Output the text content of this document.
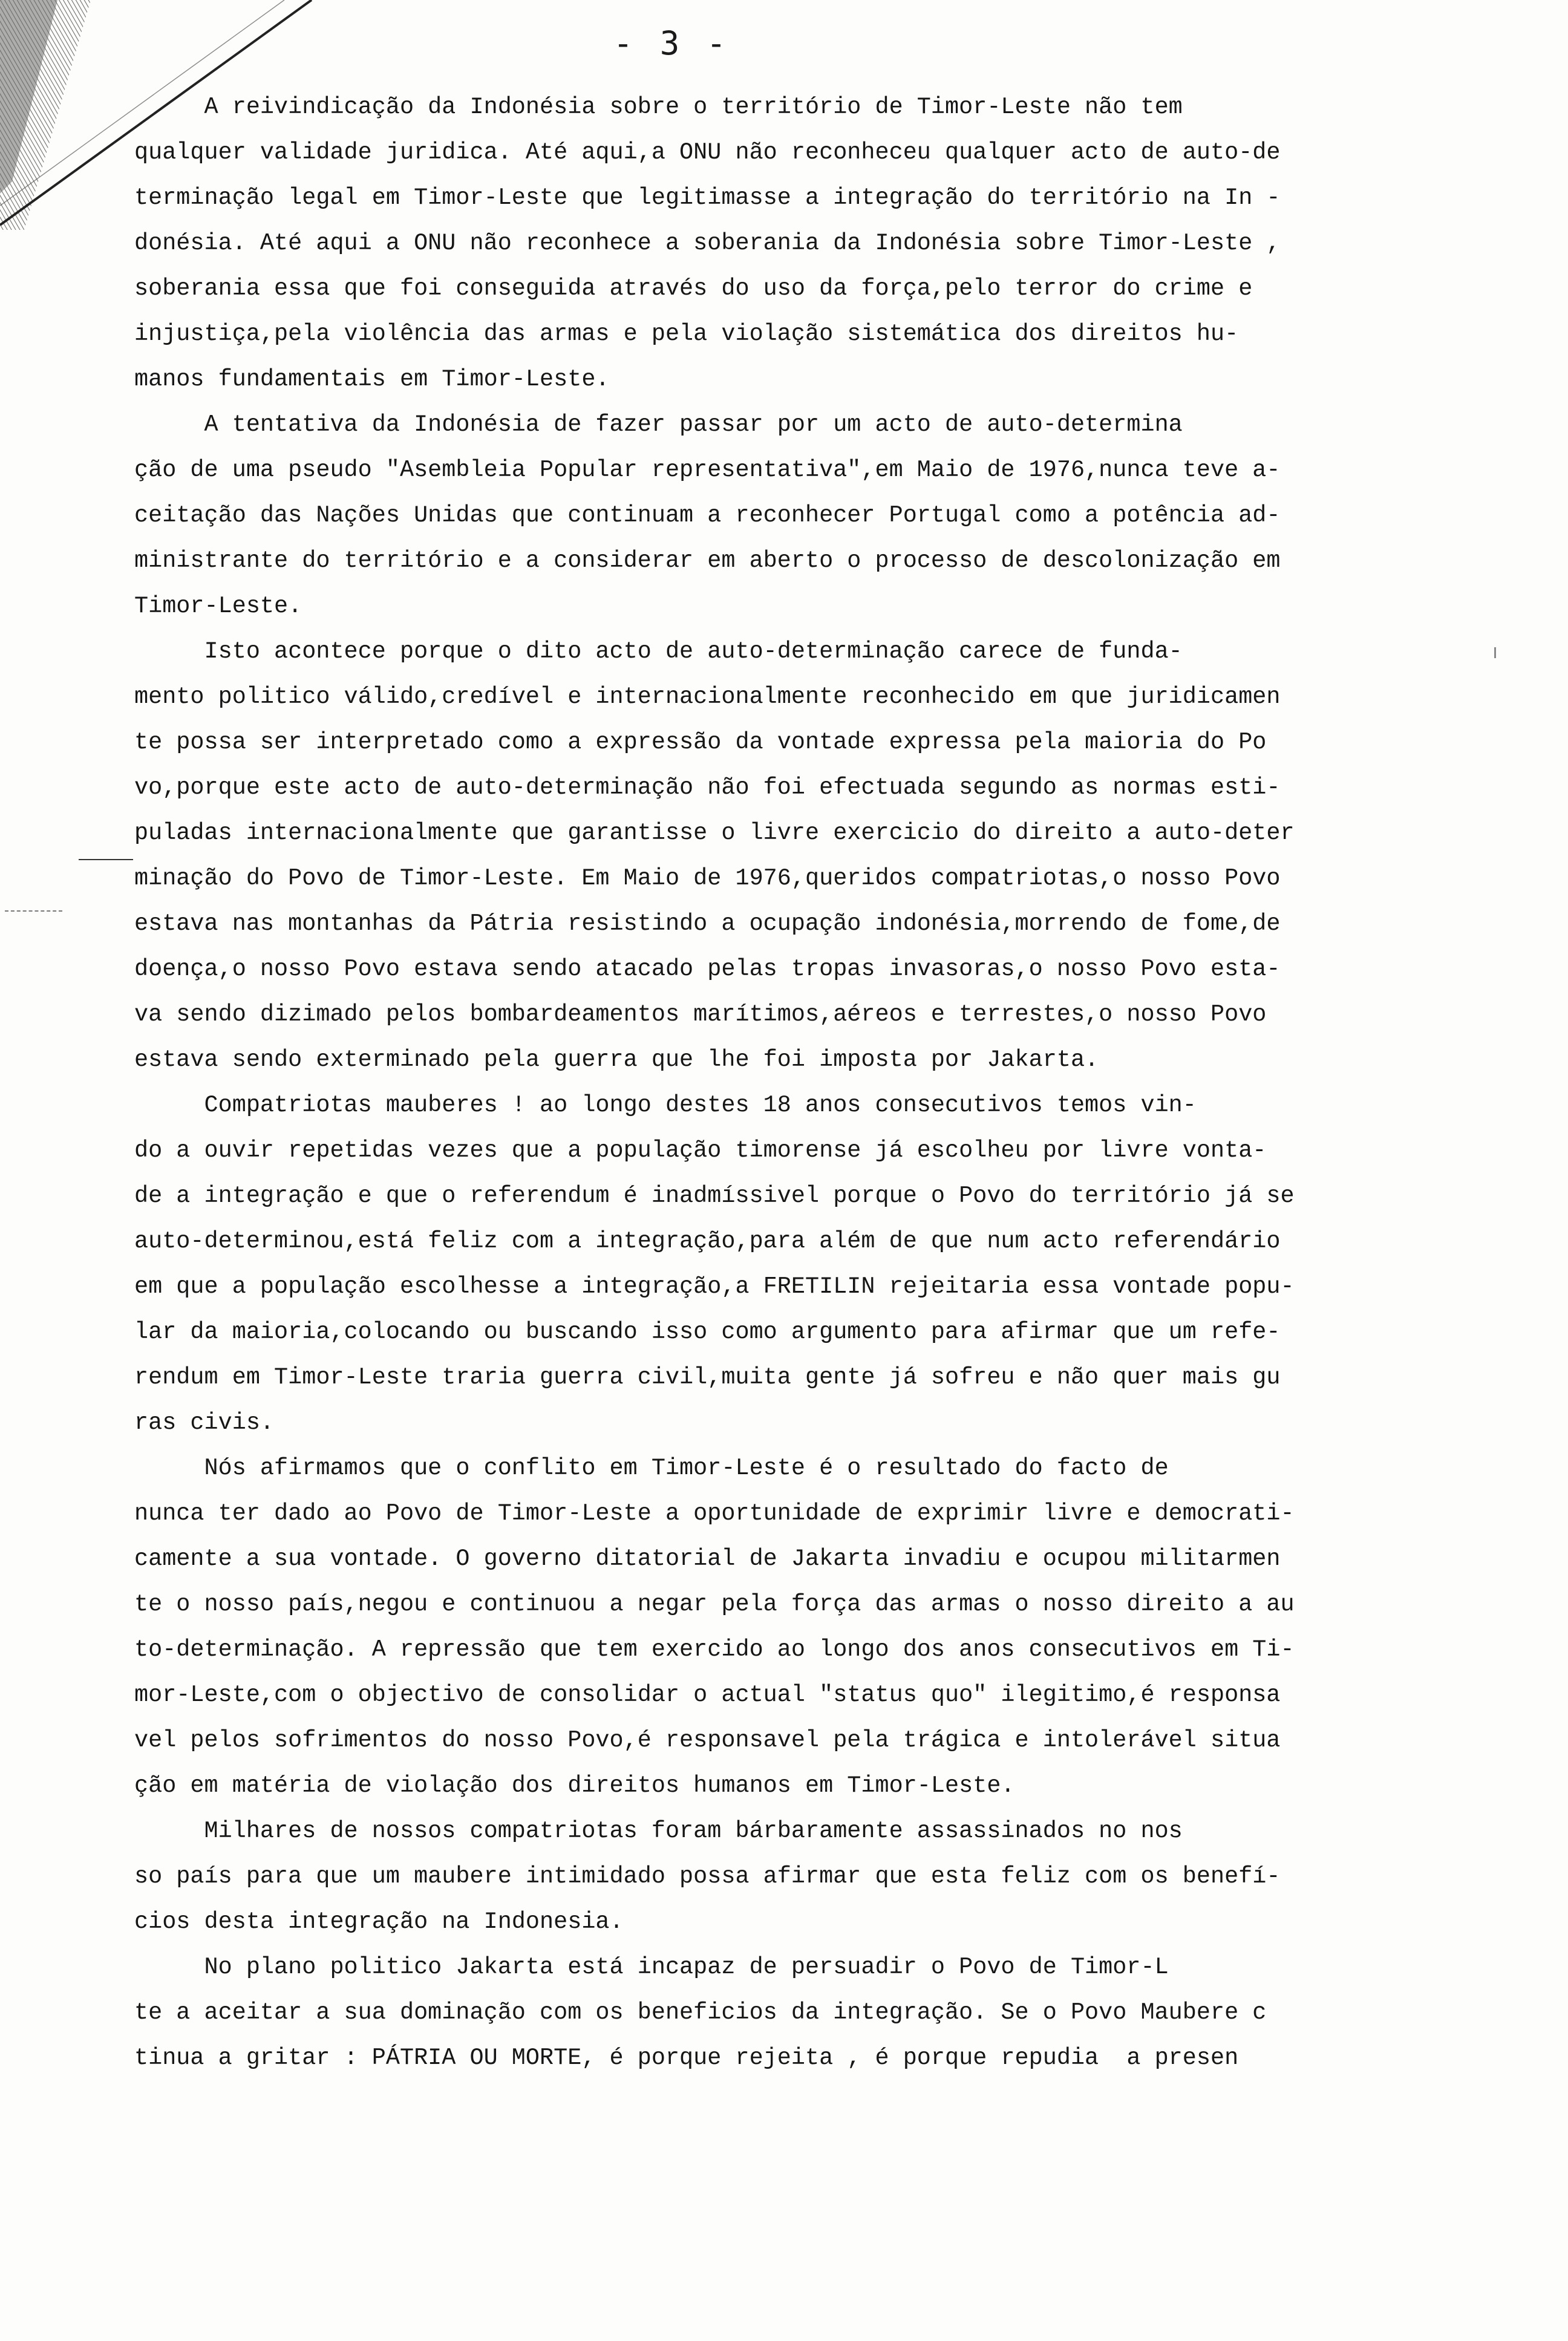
- 3 -
A reivindicação da Indonésia sobre o território de Timor-Leste não tem
qualquer validade juridica. Até aqui,a ONU não reconheceu qualquer acto de auto-de
terminação legal em Timor-Leste que legitimasse a integração do território na In -
donésia. Até aqui a ONU não reconhece a soberania da Indonésia sobre Timor-Leste ,
soberania essa que foi conseguida através do uso da força,pelo terror do crime e
injustiça,pela violência das armas e pela violação sistemática dos direitos hu-
manos fundamentais em Timor-Leste.
A tentativa da Indonésia de fazer passar por um acto de auto-determina
ção de uma pseudo "Asembleia Popular representativa",em Maio de 1976,nunca teve a-
ceitação das Nações Unidas que continuam a reconhecer Portugal como a potência ad-
ministrante do território e a considerar em aberto o processo de descolonização em
Timor-Leste.
Isto acontece porque o dito acto de auto-determinação carece de funda-
mento politico válido,credível e internacionalmente reconhecido em que juridicamen
te possa ser interpretado como a expressão da vontade expressa pela maioria do Po
vo,porque este acto de auto-determinação não foi efectuada segundo as normas esti-
puladas internacionalmente que garantisse o livre exercicio do direito a auto-deter
minação do Povo de Timor-Leste. Em Maio de 1976,queridos compatriotas,o nosso Povo
estava nas montanhas da Pátria resistindo a ocupação indonésia,morrendo de fome,de
doença,o nosso Povo estava sendo atacado pelas tropas invasoras,o nosso Povo esta-
va sendo dizimado pelos bombardeamentos marítimos,aéreos e terrestes,o nosso Povo
estava sendo exterminado pela guerra que lhe foi imposta por Jakarta.
Compatriotas mauberes ! ao longo destes 18 anos consecutivos temos vin-
do a ouvir repetidas vezes que a população timorense já escolheu por livre vonta-
de a integração e que o referendum é inadmíssivel porque o Povo do território já se
auto-determinou,está feliz com a integração,para além de que num acto referendário
em que a população escolhesse a integração,a FRETILIN rejeitaria essa vontade popu-
lar da maioria,colocando ou buscando isso como argumento para afirmar que um refe-
rendum em Timor-Leste traria guerra civil,muita gente já sofreu e não quer mais gu
ras civis.
Nós afirmamos que o conflito em Timor-Leste é o resultado do facto de
nunca ter dado ao Povo de Timor-Leste a oportunidade de exprimir livre e democrati-
camente a sua vontade. O governo ditatorial de Jakarta invadiu e ocupou militarmen
te o nosso país,negou e continuou a negar pela força das armas o nosso direito a au
to-determinação. A repressão que tem exercido ao longo dos anos consecutivos em Ti-
mor-Leste,com o objectivo de consolidar o actual "status quo" ilegitimo,é responsa
vel pelos sofrimentos do nosso Povo,é responsavel pela trágica e intolerável situa
ção em matéria de violação dos direitos humanos em Timor-Leste.
Milhares de nossos compatriotas foram bárbaramente assassinados no nos
so país para que um maubere intimidado possa afirmar que esta feliz com os benefí-
cios desta integração na Indonesia.
No plano politico Jakarta está incapaz de persuadir o Povo de Timor-L
te a aceitar a sua dominação com os beneficios da integração. Se o Povo Maubere c
tinua a gritar : PÁTRIA OU MORTE, é porque rejeita , é porque repudia  a presen
